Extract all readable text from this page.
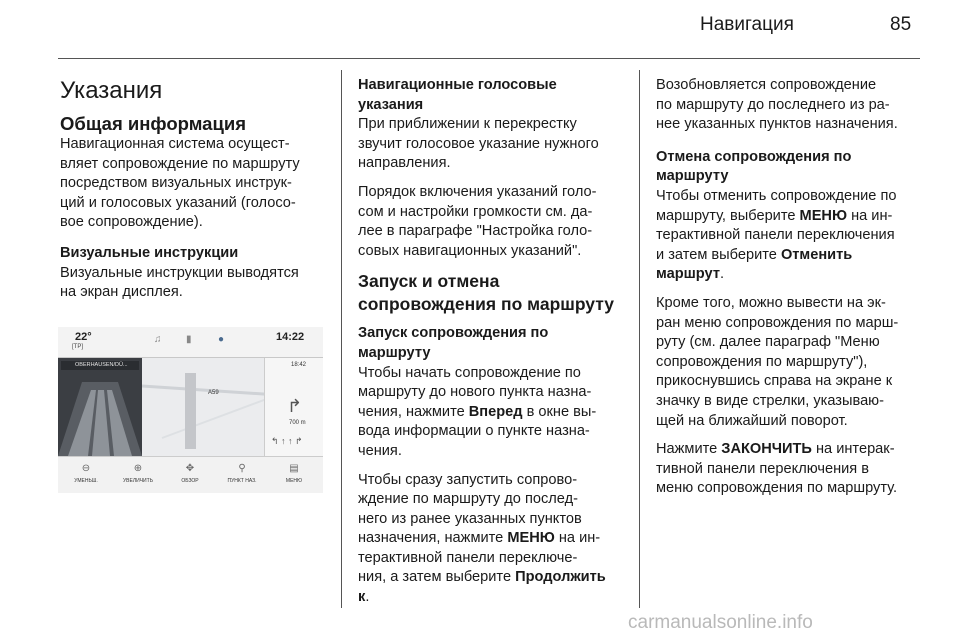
Навигация	85
Указания
Общая информация

Навигационная система осущест-
вляет сопровождение по маршруту
посредством визуальных инструк-
ций и голосовых указаний (голосо-
вое сопровождение).

Визуальные инструкции

Визуальные инструкции выводятся
на экран дисплея.

22°
[TP]
♫ ▮	●	14:22
OBERHAUSEN/DÜ...
A59
18:42
↱
700 m
↰ ↑ ↑ ↱
⊖
УМЕНЬШ.
⊕
УВЕЛИЧИТЬ
✥
ОБЗОР
⚲
ПУНКТ НАЗ.
▤
МЕНЮ
Навигационные голосовые
указания

При приближении к перекрестку
звучит голосовое указание нужного
направления.

Порядок включения указаний голо-
сом и настройки громкости см. да-
лее в параграфе "Настройка голо-
совых навигационных указаний".

Запуск и отмена
сопровождения по маршруту
Запуск сопровождения по
маршруту

Чтобы начать сопровождение по
маршруту до нового пункта назна-
чения, нажмите Вперед в окне вы-
вода информации о пункте назна-
чения.

Чтобы сразу запустить сопрово-
ждение по маршруту до послед-
него из ранее указанных пунктов
назначения, нажмите МЕНЮ на ин-
терактивной панели переключе-
ния, а затем выберите Продолжить
к.

Возобновляется сопровождение
по маршруту до последнего из ра-
нее указанных пунктов назначения.

Отмена сопровождения по
маршруту

Чтобы отменить сопровождение по
маршруту, выберите МЕНЮ на ин-
терактивной панели переключения
и затем выберите Отменить
маршрут.

Кроме того, можно вывести на эк-
ран меню сопровождения по марш-
руту (см. далее параграф "Меню
сопровождения по маршруту"),
прикоснувшись справа на экране к
значку в виде стрелки, указываю-
щей на ближайший поворот.

Нажмите ЗАКОНЧИТЬ на интерак-
тивной панели переключения в
меню сопровождения по маршруту.

carmanualsonline.info
